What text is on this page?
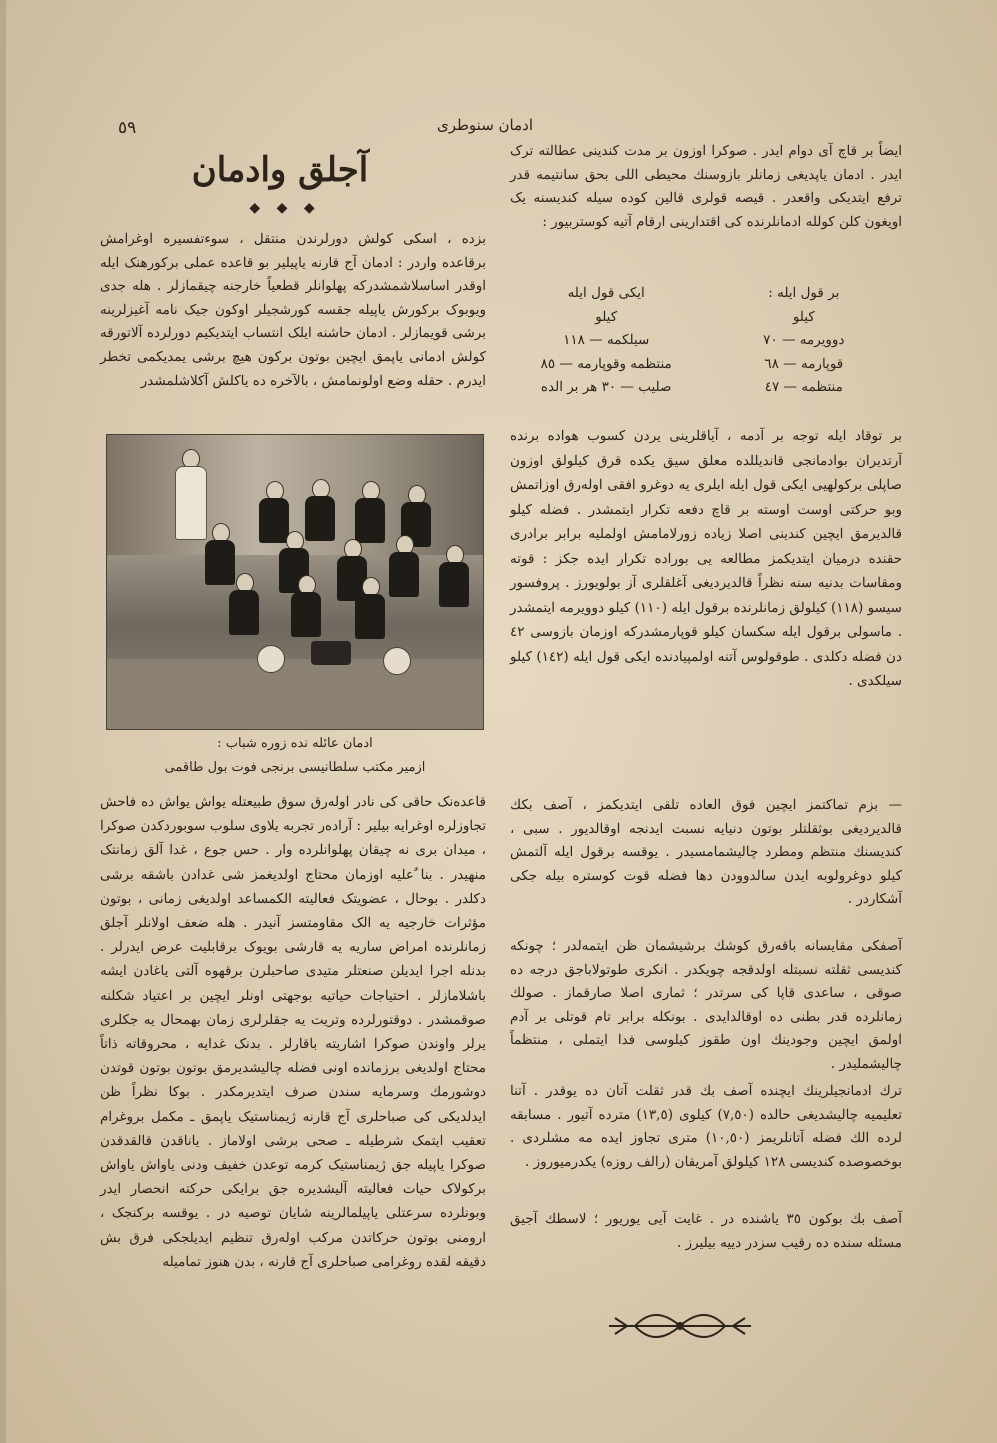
ادمان سنوطری
٥٩
آجلق وادمان
◆ ◆ ◆

بزده ، اسکی کولش دورلرندن منتقل ، سوءتفسیره اوغرامش برقاعده واردر : ادمان آج قارنه یاپیلیر بو قاعده عملی برکورهنک ایله اوقدر اساسلاشمشدرکه پهلوانلر قطعیاً خارجنه چیقمازلر . هله جدی ویوبوک برکورش یاپیله جقسه کورشجیلر اوکون جیک نامه آغیزلرینه برشی قویمازلر . ادمان حاشنه ایلک انتساب ایتدیکیم دورلرده آلاتورقه کولش ادمانی یاپمق ایچین بوتون برکون هیچ برشی یمدیکمی تخطر ایدرم . حقله وضع اولونمامش ، بالآخره ده یاکلش آکلاشلمشدر

ادمان عائله نده زوره شباب :
ازمیر مکتب سلطانیسی برنجی فوت بول طاقمی

قاعدەنک حاقی کی نادر اولەرق سوق طبیعتله یواش یواش دە فاحش تجاوزلرە اوغرایە بیلیر : آرادەر تجربە یلاوی سلوب سوبوردکدن صوکرا ، میدان بری نه چیقان پهلوانلردە وار . حس جوع ، غدا آلق زمانتک منهیدر . بنا ٌعلیه اوزمان محتاج اولدیغمز شی غدادن باشقه برشی دکلدر . بوحال ، عضویتک فعالیته الکمساعد اولدیغی زمانی ، بوتون مؤثرات خارجیه یه الک مقاومتسز آنیدر . هله ضعف اولانلر آجلق زمانلرنده امراض ساریه یه قارشی بویوک برقابلیت عرض ایدرلر . بدنله اجرا ایدیلن صنعتلر متیدی صاحبلرن برقهوه آلتی یاغادن ایشه باشلامازلر . احتیاجات حیاتیه بوجهتی اونلر ایچین بر اعتیاد شکلنه صوقمشدر . دوقتورلرده وتریت یه جقلرلری زمان بهمحال یه جکلری یرلر واوندن صوکرا اشاریته باقارلر . بدنک غدایه ، محروقاته ذاتاً محتاج اولدیغی برزمانده اونی فضله چالیشدیرمق بوتون بوتون قوتدن دوشورمك وسرمایه سندن صرف ایتدیرمکدر . بوکا نظراً ظن ایدلدیکی کی صباحلری آج قارنه ژیمناستیک یاپمق ـ مکمل بروغرام تعقیب ایتمک شرطیله ـ صحی برشی اولاماز . یاناقدن قالقدقدن صوکرا یاپیله جق ژیمناستیک کرمه توعدن خفیف ودنی یاواش یاواش برکولاک حیات فعالیته آلیشدیره جق برایکی حرکته انحصار ایدر وبونلرده سرعتلی یاپیلمالرینه شایان توصیه در . یوقسه برکنجک ، ارومنی بوتون حرکاتدن مرکب اولەرق تنظیم ایدیلجکی فرق بش دقیقه لقده روغرامی صباحلری آج قارنه ، بدن هنوز تمامیله

ایضاً بر قاچ آی دوام ایدر . صوکرا اوزون بر مدت کندینی عطالته ترک ایدر . ادمان یاپدیغی زمانلر بازوسنك محیطی اللی بحق سانتیمه قدر ترفع ایتدیکی واقعدر . قیصه قولری قالین کوده سیله کندیسنه یک اویغون کلن کولله ادمانلرنده کی اقتدارینی ارقام آتیه کوستربیور :

بر قول ایله :
ایکی قول ایله
کیلو
کیلو
دوویرمه — ٧٠
سیلکمه — ١١٨
قوپارمه — ٦٨
منتظمه وقوپارمه — ٨٥
منتظمه — ٤٧
صلیب — ٣٠ هر بر الده

بر توقاد ایله توجه بر آدمه ، آیاقلرینی یردن کسوب هواده برنده آرتدیران بوادمانجی قاندیللده معلق سیق یکده قرق کیلولق اوزون صاپلی برکولهیی ایکی قول ایله ایلری یه دوغرو افقی اولەرق اوزاتمش وبو حرکتی اوست اوسته بر قاچ دفعه تکرار ایتمشدر . فضله کیلو قالدیرمق ایچین کندینی اصلا زیاده زورلامامش اولملیه برابر برادری حقنده درمیان ایتدیکمز مطالعه یی بوراده تکرار ایده جکز : قوته ومقاسات بدنیه سنه نظراً قالدیردیغی آغلقلری آز بولویورز . پروفسور سیسو (١١٨) کیلولق زمانلرنده برقول ایله (١١٠) کیلو دوویرمه ایتمشدر . ماسولی برقول ایله سکسان کیلو قوپارمشدرکه اوزمان بازوسی ٤٢ دن فضله دکلدی . طوقولوس آتنه اولمپیادنده ایکی قول ایله (١٤٢) کیلو سیلکدی .

— بزم تماکتمز ایچین فوق العاده تلقی ایتدیکمز ، آصف بکك قالدیردیغی بوثقلتلر بوتون دنیایه نسبت ایدنجه اوقالدیور . سبی ، کندیسنك منتظم ومطرد چالیشمامسیدر . یوقسه برقول ایله آلتمش کیلو دوغرولوبه ایدن سالدوودن دها فضله قوت کوستره بیله جکی آشکاردر .

آصفکی مقایسانه باقەرق کوشك برشیشمان ظن ایتمەلدر ؛ چونکه کندیسی ثقلته نسبتله اولدقجه چویکدر . انکری طوتولاباجق درجه ده صوقی ، ساعدی قاپا کی سرتدر ؛ ثماری اصلا صارقماز . صولك زمانلرده قدر بطنی ده اوقالدایدی . بونکله برابر تام قوتلی بر آدم اولمق ایچین وجودینك اون طقوز کیلوسی فدا ایتملی ، منتظماً چالیشملیدر .

ترك ادمانجیلرینك ایچنده آصف بك قدر ثقلت آتان ده یوقدر . آتنا تعلیمیه چالیشدیغی حالده (٧,٥٠) کیلوی (١٣,٥) مترده آتیور . مسابقه لرده الك فضله آتانلریمز (١٠,٥٠) متری تجاوز ایده مه مشلردی . بوخصوصده کندیسی ١٢٨ کیلولق آمریقان (رالف روزه) یکدرمیوروز .

آصف بك بوکون ٣٥ یاشنده در . غایت آیی یوریور ؛ لاسطك آجیق مسئله سنده ده رقیب سزدر دییه بیلیرز .
